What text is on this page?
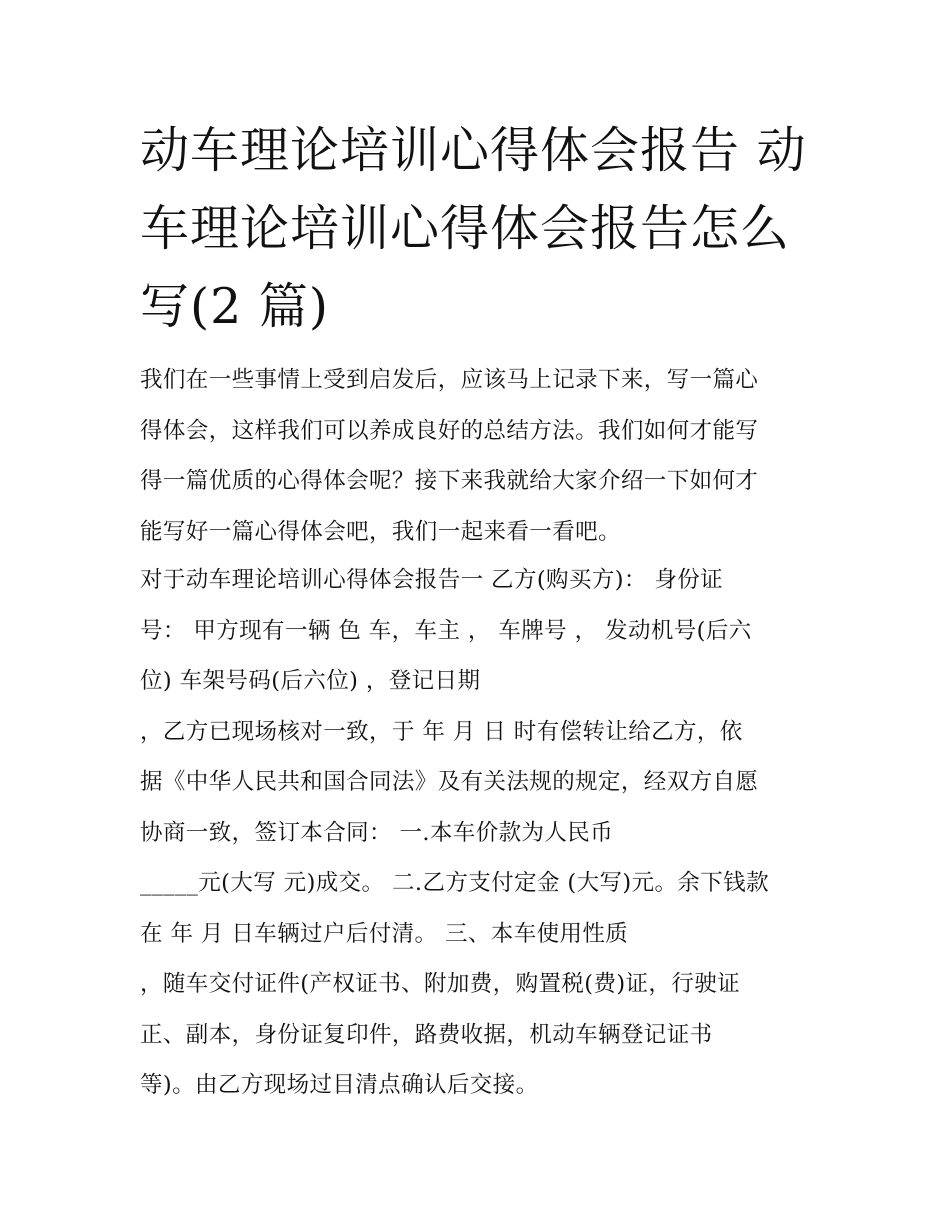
动车理论培训心得体会报告 动
车理论培训心得体会报告怎么
写(2 篇)

我们在一些事情上受到启发后，应该马上记录下来，写一篇心
得体会，这样我们可以养成良好的总结方法。我们如何才能写
得一篇优质的心得体会呢？接下来我就给大家介绍一下如何才
能写好一篇心得体会吧，我们一起来看一看吧。

对于动车理论培训心得体会报告一 乙方(购买方)： 身份证
号： 甲方现有一辆 色 车，车主 ， 车牌号 ， 发动机号(后六
位) 车架号码(后六位) ，登记日期
，乙方已现场核对一致，于 年 月 日 时有偿转让给乙方，依
据《中华人民共和国合同法》及有关法规的规定，经双方自愿
协商一致，签订本合同： 一.本车价款为人民币
_____元(大写 元)成交。 二.乙方支付定金 (大写)元。余下钱款
在 年 月 日车辆过户后付清。 三、本车使用性质
，随车交付证件(产权证书、附加费，购置税(费)证，行驶证
正、副本，身份证复印件，路费收据，机动车辆登记证书
等)。由乙方现场过目清点确认后交接。
